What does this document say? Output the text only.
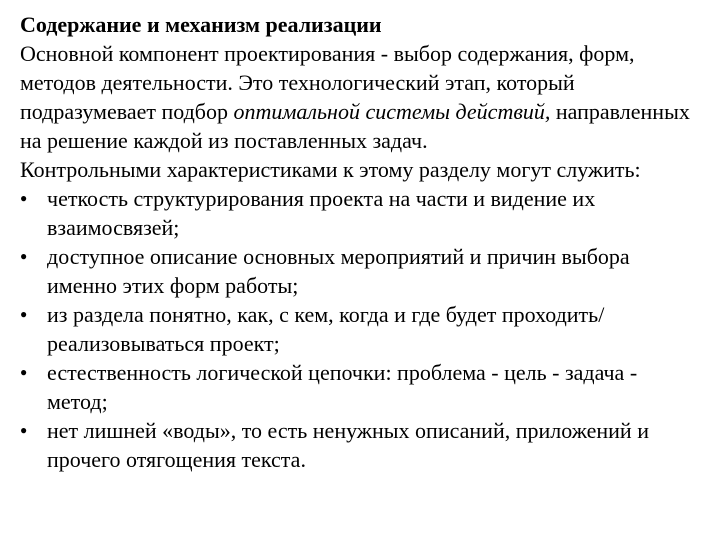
Содержание и механизм реализации

Основной компонент проектирования - выбор содержания, форм, методов деятельности. Это технологический этап, который подразумевает подбор оптимальной системы действий, направленных на решение каждой из поставленных задач.

Контрольными характеристиками к этому разделу могут служить:

● четкость структурирования проекта на части и видение их взаимосвязей;
● доступное описание основных мероприятий и причин выбора именно этих форм работы;
● из раздела понятно, как, с кем, когда и где будет проходить/реализовываться проект;
● естественность логической цепочки: проблема - цель - задача - метод;
● нет лишней «воды», то есть ненужных описаний, приложений и прочего отягощения текста.
